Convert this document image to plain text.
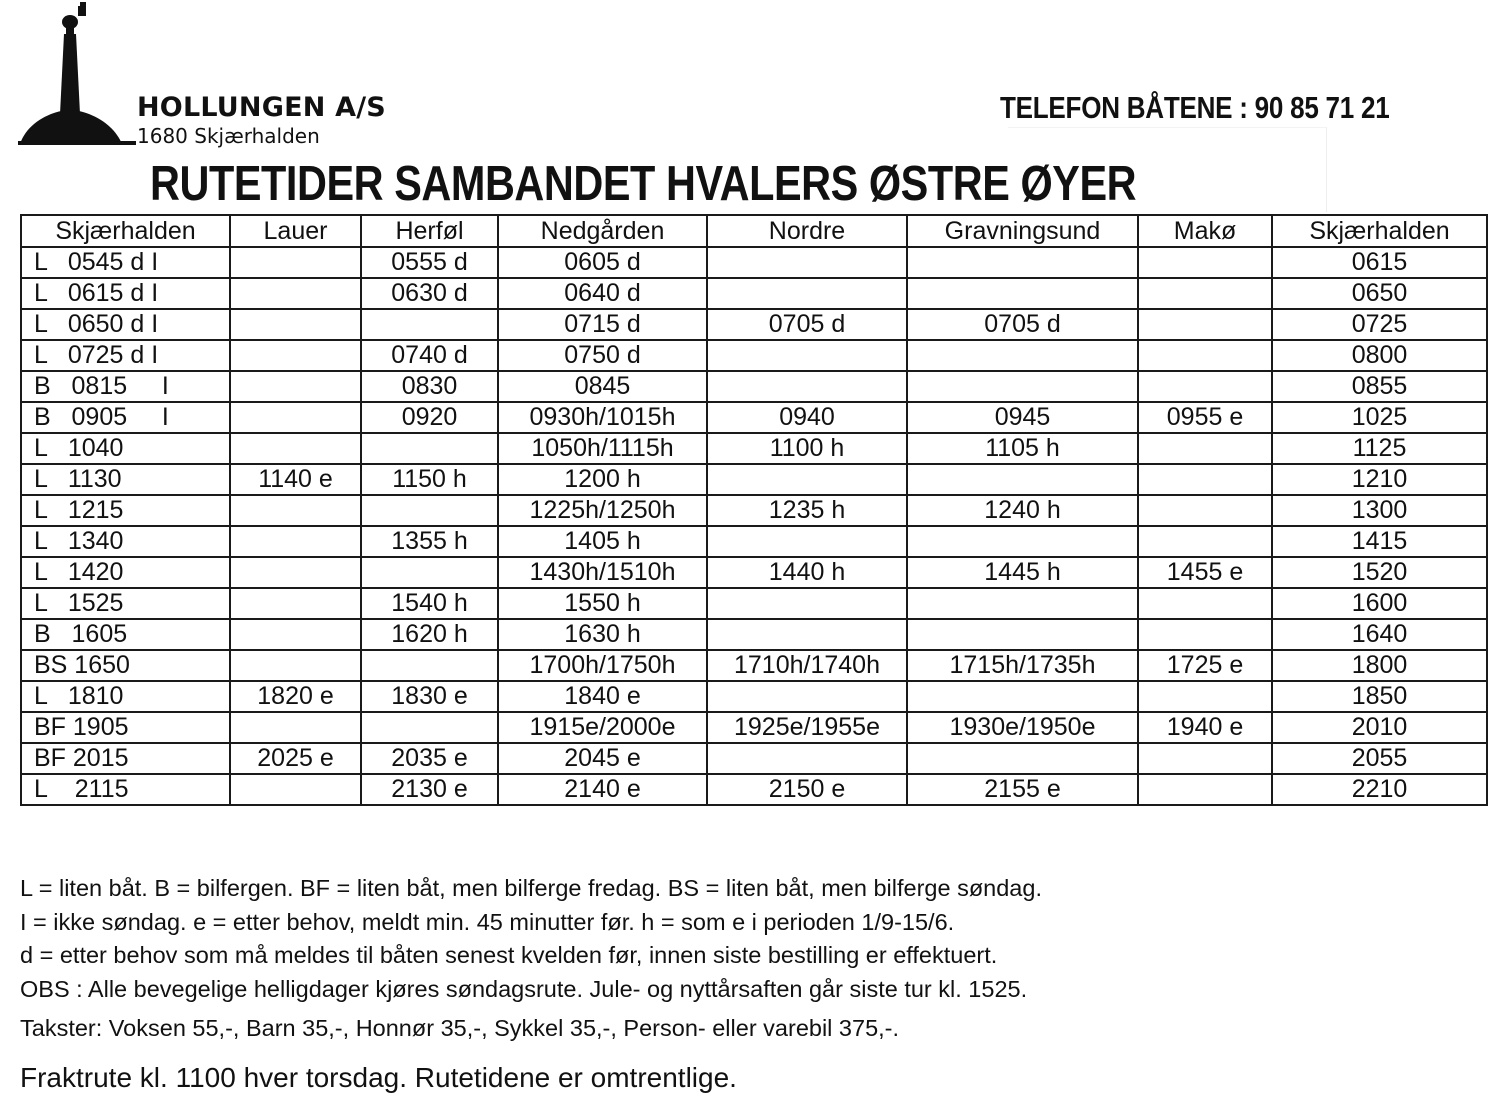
HOLLUNGEN A/S
1680 Skjærhalden
TELEFON BÅTENE : 90 85 71 21
RUTETIDER SAMBANDET HVALERS ØSTRE ØYER
Skjærhalden	Lauer	Herføl	Nedgården	Nordre	Gravningsund	Makø	Skjærhalden
L   0545 d I		0555 d	0605 d				0615
L   0615 d I		0630 d	0640 d				0650
L   0650 d I			0715 d	0705 d	0705 d		0725
L   0725 d I		0740 d	0750 d				0800
B   0815     I		0830	0845				0855
B   0905     I		0920	0930h/1015h	0940	0945	0955 e	1025
L   1040			1050h/1115h	1100 h	1105 h		1125
L   1130	1140 e	1150 h	1200 h				1210
L   1215			1225h/1250h	1235 h	1240 h		1300
L   1340		1355 h	1405 h				1415
L   1420			1430h/1510h	1440 h	1445 h	1455 e	1520
L   1525		1540 h	1550 h				1600
B   1605		1620 h	1630 h				1640
BS 1650			1700h/1750h	1710h/1740h	1715h/1735h	1725 e	1800
L   1810	1820 e	1830 e	1840 e				1850
BF 1905			1915e/2000e	1925e/1955e	1930e/1950e	1940 e	2010
BF 2015	2025 e	2035 e	2045 e				2055
L    2115		2130 e	2140 e	2150 e	2155 e		2210
L = liten båt. B = bilfergen. BF = liten båt, men bilferge fredag. BS = liten båt, men bilferge søndag.
I = ikke søndag. e = etter behov, meldt min. 45 minutter før. h = som e i perioden 1/9-15/6.
d = etter behov som må meldes til båten senest kvelden før, innen siste bestilling er effektuert.
OBS : Alle bevegelige helligdager kjøres søndagsrute. Jule- og nyttårsaften går siste tur kl. 1525.
Takster: Voksen 55,-, Barn 35,-, Honnør 35,-, Sykkel 35,-, Person- eller varebil 375,-.
Fraktrute kl. 1100 hver torsdag. Rutetidene er omtrentlige.
